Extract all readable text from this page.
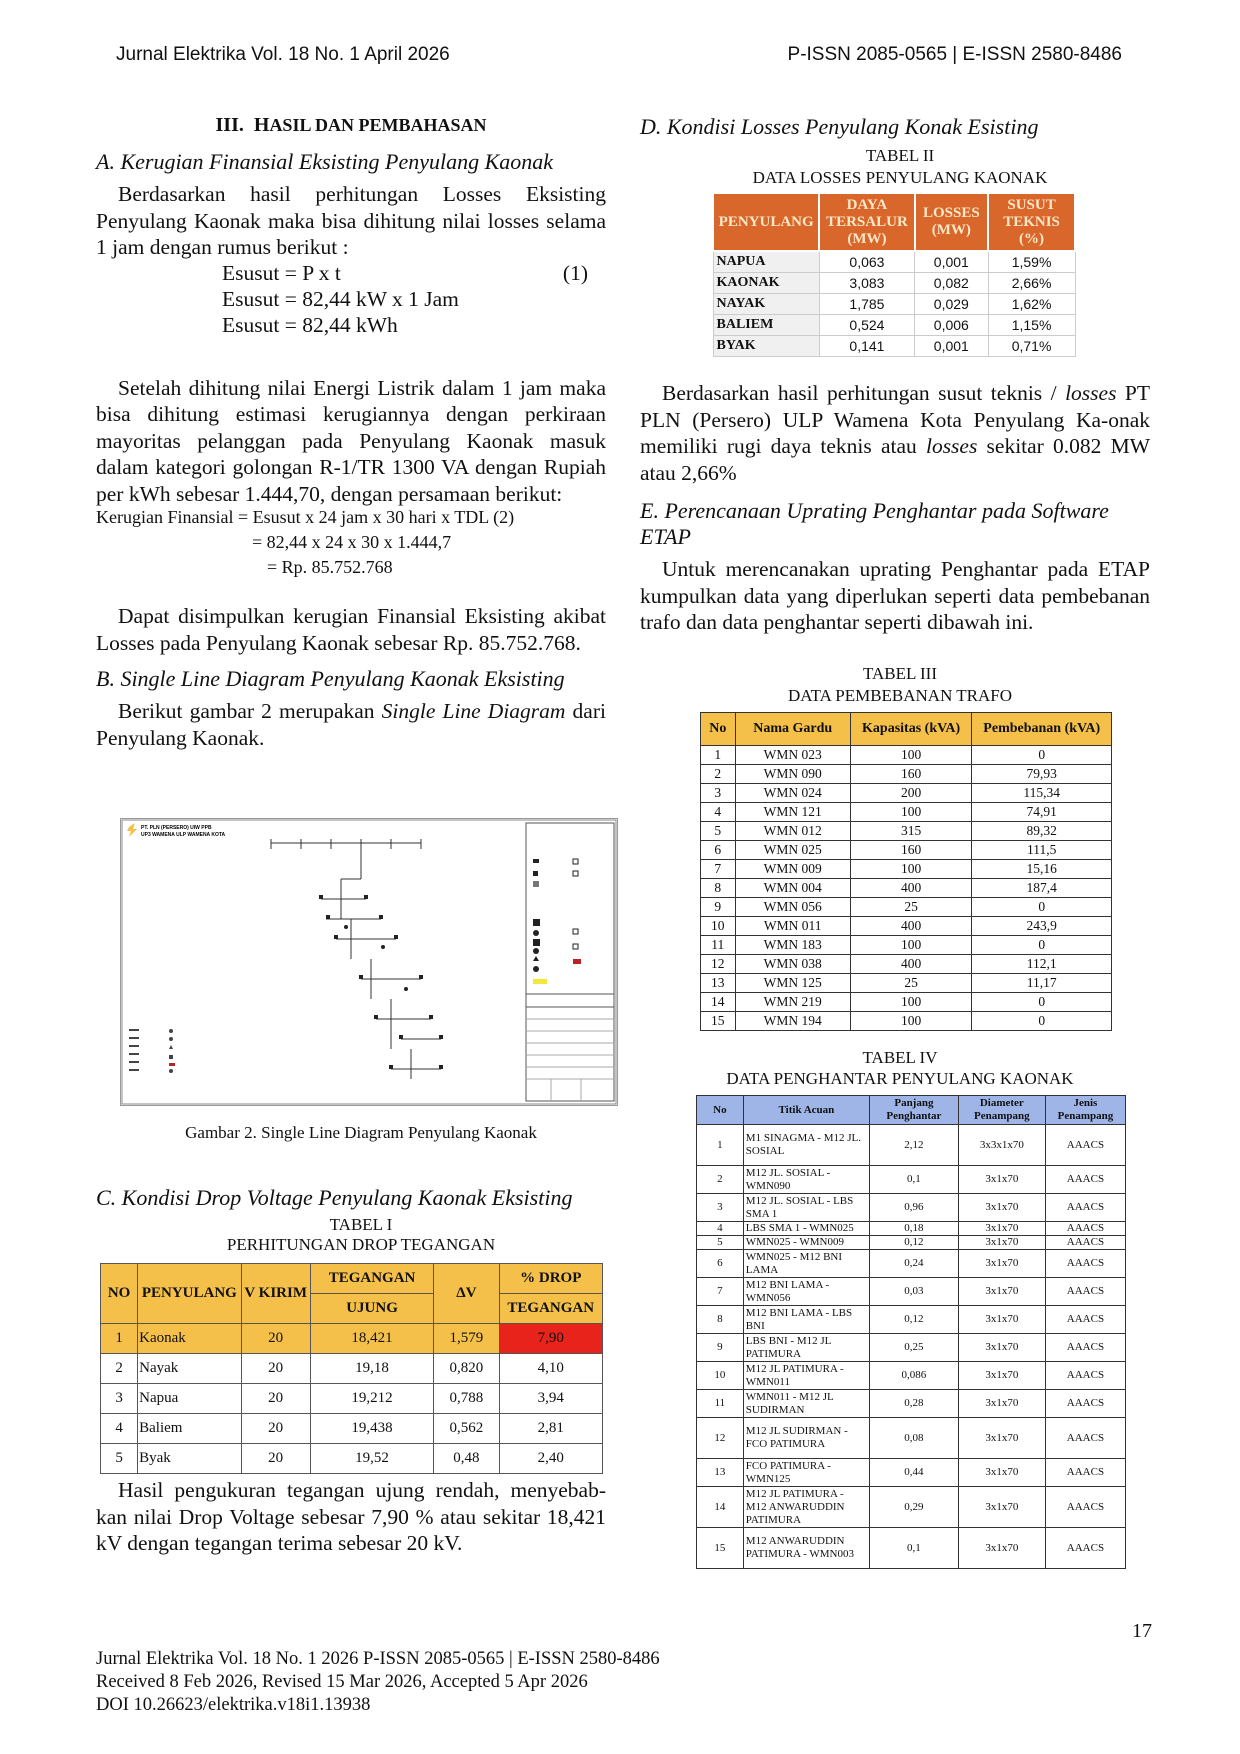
Jurnal Elektrika Vol. 18 No. 1 April 2026	P-ISSN 2085-0565 | E-ISSN 2580-8486
III. HASIL DAN PEMBAHASAN
A. Kerugian Finansial Eksisting Penyulang Kaonak

Berdasarkan hasil perhitungan Losses Eksisting Penyulang Kaonak maka bisa dihitung nilai losses selama 1 jam dengan rumus berikut :

Esusut = P x t	(1)
Esusut = 82,44 kW x 1 Jam
Esusut = 82,44 kWh

Setelah dihitung nilai Energi Listrik dalam 1 jam maka bisa dihitung estimasi kerugiannya dengan perkiraan mayoritas pelanggan pada Penyulang Kaonak masuk dalam kategori golongan R-1/TR 1300 VA dengan Rupiah per kWh sebesar 1.444,70, dengan persamaan berikut:

Kerugian Finansial = Esusut x 24 jam x 30 hari x TDL (2)
= 82,44 x 24 x 30 x 1.444,7
= Rp. 85.752.768

Dapat disimpulkan kerugian Finansial Eksisting akibat Losses pada Penyulang Kaonak sebesar Rp. 85.752.768.

B. Single Line Diagram Penyulang Kaonak Eksisting

Berikut gambar 2 merupakan Single Line Diagram dari Penyulang Kaonak.

PT. PLN (PERSERO) UIW PPB
UP3 WAMENA ULP WAMENA KOTA
Gambar 2. Single Line Diagram Penyulang Kaonak
C. Kondisi Drop Voltage Penyulang Kaonak Eksisting
TABEL I
PERHITUNGAN DROP TEGANGAN
NO	PENYULANG	V KIRIM	TEGANGAN	ΔV	% DROP
			UJUNG		TEGANGAN
1	Kaonak	20	18,421	1,579	7,90
2	Nayak	20	19,18	0,820	4,10
3	Napua	20	19,212	0,788	3,94
4	Baliem	20	19,438	0,562	2,81
5	Byak	20	19,52	0,48	2,40

Hasil pengukuran tegangan ujung rendah, menyebab-kan nilai Drop Voltage sebesar 7,90 % atau sekitar 18,421 kV dengan tegangan terima sebesar 20 kV.

D. Kondisi Losses Penyulang Konak Esisting
TABEL II
DATA LOSSES PENYULANG KAONAK
PENYULANG	DAYA TERSALUR (MW)	LOSSES (MW)	SUSUT TEKNIS (%)
NAPUA	0,063	0,001	1,59%
KAONAK	3,083	0,082	2,66%
NAYAK	1,785	0,029	1,62%
BALIEM	0,524	0,006	1,15%
BYAK	0,141	0,001	0,71%

Berdasarkan hasil perhitungan susut teknis / losses PT PLN (Persero) ULP Wamena Kota Penyulang Ka-onak memiliki rugi daya teknis atau losses sekitar 0.082 MW atau 2,66%

E. Perencanaan Uprating Penghantar pada Software ETAP

Untuk merencanakan uprating Penghantar pada ETAP kumpulkan data yang diperlukan seperti data pembebanan trafo dan data penghantar seperti dibawah ini.

TABEL III
DATA PEMBEBANAN TRAFO
No	Nama Gardu	Kapasitas (kVA)	Pembebanan (kVA)
1	WMN 023	100	0
2	WMN 090	160	79,93
3	WMN 024	200	115,34
4	WMN 121	100	74,91
5	WMN 012	315	89,32
6	WMN 025	160	111,5
7	WMN 009	100	15,16
8	WMN 004	400	187,4
9	WMN 056	25	0
10	WMN 011	400	243,9
11	WMN 183	100	0
12	WMN 038	400	112,1
13	WMN 125	25	11,17
14	WMN 219	100	0
15	WMN 194	100	0
TABEL IV
DATA PENGHANTAR PENYULANG KAONAK
No	Titik Acuan	Panjang Penghantar	Diameter Penampang	Jenis Penampang
1	M1 SINAGMA - M12 JL. SOSIAL	2,12	3x3x1x70	AAACS
2	M12 JL. SOSIAL - WMN090	0,1	3x1x70	AAACS
3	M12 JL. SOSIAL - LBS SMA 1	0,96	3x1x70	AAACS
4	LBS SMA 1 - WMN025	0,18	3x1x70	AAACS
5	WMN025 - WMN009	0,12	3x1x70	AAACS
6	WMN025 - M12 BNI LAMA	0,24	3x1x70	AAACS
7	M12 BNI LAMA - WMN056	0,03	3x1x70	AAACS
8	M12 BNI LAMA - LBS BNI	0,12	3x1x70	AAACS
9	LBS BNI - M12 JL PATIMURA	0,25	3x1x70	AAACS
10	M12 JL PATIMURA - WMN011	0,086	3x1x70	AAACS
11	WMN011 - M12 JL SUDIRMAN	0,28	3x1x70	AAACS
12	M12 JL SUDIRMAN - FCO PATIMURA	0,08	3x1x70	AAACS
13	FCO PATIMURA - WMN125	0,44	3x1x70	AAACS
14	M12 JL PATIMURA - M12 ANWARUDDIN PATIMURA	0,29	3x1x70	AAACS
15	M12 ANWARUDDIN PATIMURA - WMN003	0,1	3x1x70	AAACS
17
Jurnal Elektrika Vol. 18 No. 1 2026 P-ISSN 2085-0565 | E-ISSN 2580-8486
Received 8 Feb 2026, Revised 15 Mar 2026, Accepted 5 Apr 2026
DOI 10.26623/elektrika.v18i1.13938
